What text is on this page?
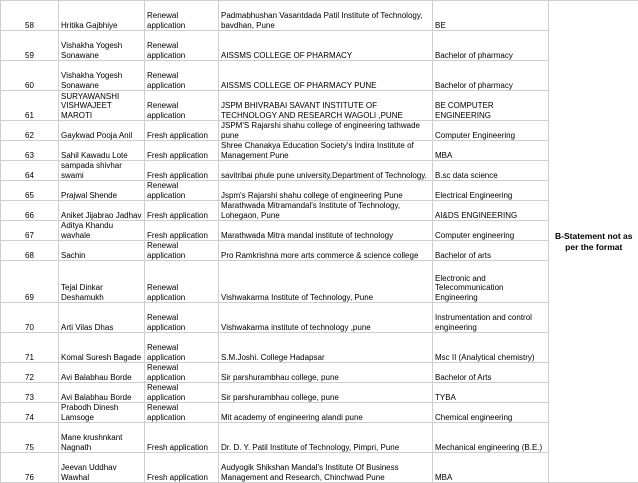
58	Hritika Gajbhiye	Renewal application	Padmabhushan Vasantdada Patil Institute of Technology, bavdhan, Pune	BE	B-Statement not as per the format
59	Vishakha Yogesh Sonawane	Renewal application	AISSMS COLLEGE OF PHARMACY	Bachelor of pharmacy	
60	Vishakha Yogesh Sonawane	Renewal application	AISSMS COLLEGE OF PHARMACY PUNE	Bachelor of pharmacy	
61	SURYAWANSHI VISHWAJEET MAROTI	Renewal application	JSPM BHIVRABAI SAVANT INSTITUTE OF TECHNOLOGY AND RESEARCH WAGOLI ,PUNE	BE COMPUTER ENGINEERING	
62	Gaykwad Pooja Anil	Fresh application	JSPM'S Rajarshi shahu college of engineering tathwade pune	Computer Engineering	
63	Sahil Kawadu Lote	Fresh application	Shree Chanakya Education Society's Indira Institute of Management Pune	MBA	
64	sampada shivhar swami	Fresh application	savitribai phule pune university,Department of Technology.	B.sc data science	
65	Prajwal Shende	Renewal application	Jspm's Rajarshi shahu college of engineering Pune	Electrical Engineering	
66	Aniket Jijabrao Jadhav	Fresh application	Marathwada Mitramandal's Institute of Technology, Lohegaon, Pune	AI&DS ENGINEERING	
67	Aditya Khandu wavhale	Fresh application	Marathwada Mitra mandal institute of technology	Computer engineering	
68	Sachin	Renewal application	Pro Ramkrishna more arts commerce & science college	Bachelor of arts	
69	Tejal Dinkar Deshamukh	Renewal application	Vishwakarma Institute of Technology, Pune	Electronic and Telecommunication Engineering	
70	Arti Vilas Dhas	Renewal application	Vishwakarma institute of technology ,pune	Instrumentation and control engineering	
71	Komal Suresh Bagade	Renewal application	S.M.Joshi. College Hadapsar	Msc II (Analytical chemistry)	
72	Avi Balabhau Borde	Renewal application	Sir parshurambhau college, pune	Bachelor of Arts	
73	Avi Balabhau Borde	Renewal application	Sir parshurambhau college, pune	TYBA	
74	Prabodh Dinesh Lamsoge	Renewal application	Mit academy of engineering alandi pune	Chemical engineering	
75	Mane krushnkant Nagnath	Fresh application	Dr. D. Y. Patil Institute of Technology, Pimpri, Pune	Mechanical engineering (B.E.)	
76	Jeevan Uddhav Wawhal	Fresh application	Audyogik Shikshan Mandal's Institute Of Business Management and Research, Chinchwad Pune	MBA	
